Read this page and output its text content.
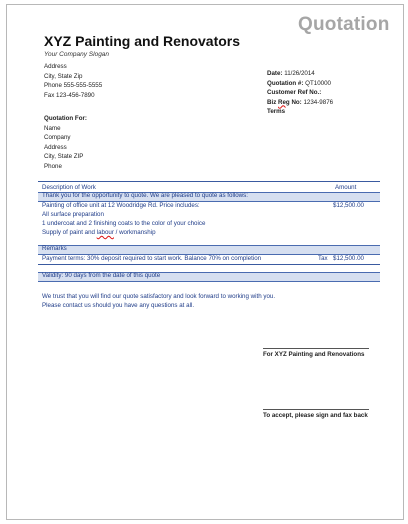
Quotation
XYZ Painting and Renovators
Your Company Slogan
Address
City, State Zip
Phone 555-555-5555
Fax 123-456-7890
Date: 11/26/2014
Quotation #: QT10000
Customer Ref No.:
Biz Reg No: 1234-9876
Terms
Quotation For:
Name
Company
Address
City, State ZIP
Phone
Description of Work	Amount
Thank you for the opportunity to quote. We are pleased to quote as follows:
Painting of office unit at 12 Woodridge Rd. Price includes:	$12,500.00
All surface preparation
1 undercoat and 2 finishing coats to the color of your choice
Supply of paint and labour / workmanship
Remarks
Payment terms: 30% deposit required to start work. Balance 70% on completion	Tax $12,500.00
Validity: 90 days from the date of this quote
We trust that you will find our quote satisfactory and look forward to working with you.
Please contact us should you have any questions at all.
For XYZ Painting and Renovations
To accept, please sign and fax back
